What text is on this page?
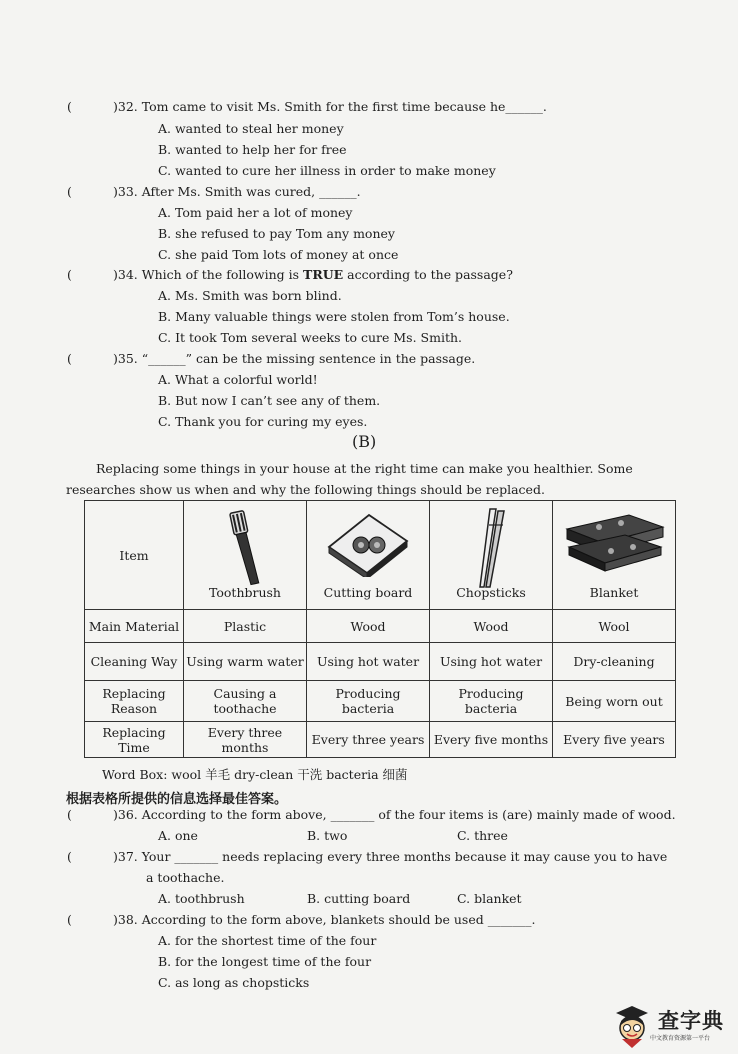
(	)32. Tom came to visit Ms. Smith for the first time because he______.
A. wanted to steal her money
B. wanted to help her for free
C. wanted to cure her illness in order to make money
(	)33. After Ms. Smith was cured, ______.
A. Tom paid her a lot of money
B. she refused to pay Tom any money
C. she paid Tom lots of money at once
(	)34. Which of the following is TRUE according to the passage?
A. Ms. Smith was born blind.
B. Many valuable things were stolen from Tom’s house.
C. It took Tom several weeks to cure Ms. Smith.
(	)35. “______” can be the missing sentence in the passage.
A. What a colorful world!
B. But now I can’t see any of them.
C. Thank you for curing my eyes.
(B)
Replacing some things in your house at the right time can make you healthier. Some researches show us when and why the following things should be replaced.
Item	Toothbrush	Cutting board	Chopsticks	Blanket

Main Material	Plastic	Wood	Wood	Wool
Cleaning Way	Using warm water	Using hot water	Using hot water	Dry-cleaning
Replacing Reason	Causing a toothache	Producing bacteria	Producing bacteria	Being worn out
Replacing Time	Every three months	Every three years	Every five months	Every five years
Word Box: wool 羊毛 dry-clean 干洗 bacteria 细菌
根据表格所提供的信息选择最佳答案。
(	)36. According to the form above, _______ of the four items is (are) mainly made of wood.
A. one	B. two	C. three
(	)37. Your _______ needs replacing every three months because it may cause you to have
a toothache.
A. toothbrush	B. cutting board	C. blanket
(	)38. According to the form above, blankets should be used _______.
A. for the shortest time of the four
B. for the longest time of the four
C. as long as chopsticks
查字典
中文教育资源第一平台
